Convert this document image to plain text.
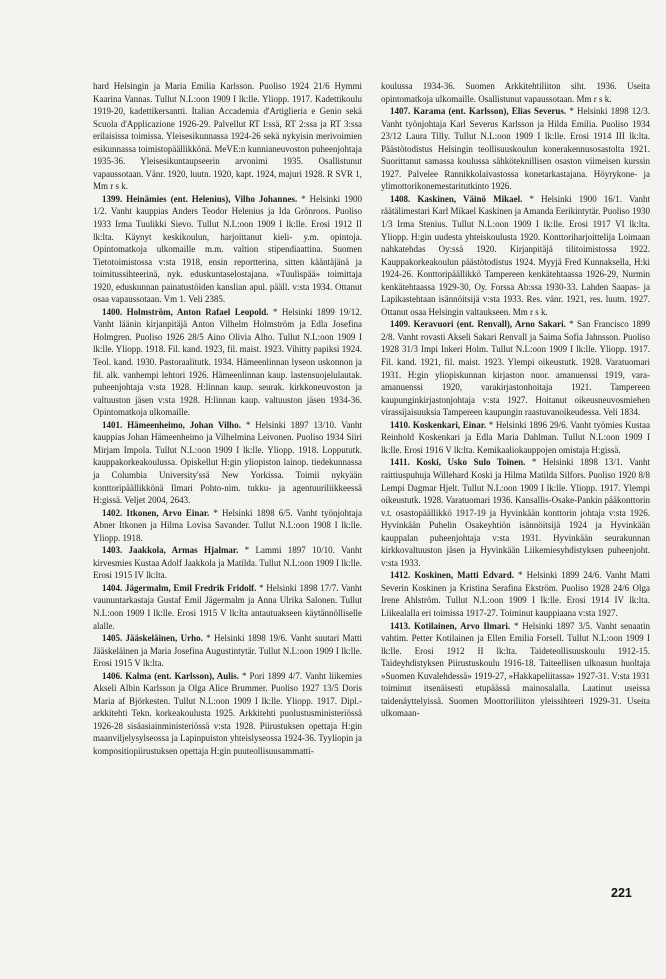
hard Helsingin ja Maria Emilia Karlsson. Puoliso 1924 21/6 Hymmi Kaarina Vannas. Tullut N.L:oon 1909 I lk:lle. Yliopp. 1917. Kadettikoulu 1919-20, kadettikersantti. Italian Accademia d'Artiglieria e Genio sekä Scuola d'Applicazione 1926-29. Palvellut RT I:ssä, RT 2:ssa ja RT 3:ssa erilaisissa toimissa. Yleisesikunnassa 1924-26 sekä nykyisin merivoimien esikunnassa toimistopäällikkönä. MeVE:n kunnianeuvoston puheenjohtaja 1935-36. Yleisesikuntaupseerin arvonimi 1935. Osallistunut vapaussotaan. Vänr. 1920, luutn. 1920, kapt. 1924, majuri 1928. R SVR 1, Mm r s k.

1399. Heinämies (ent. Helenius), Vilho Johannes. * Helsinki 1900 1/2. Vanht kauppias Anders Teodor Helenius ja Ida Grönroos. Puoliso 1933 Irma Tuulikki Sievo. Tullut N.L:oon 1909 I lk:lle. Erosi 1912 II lk:lta. Käynyt keskikoulun, harjoittanut kieli- y.m. opintoja. Opintomatkoja ulkomaille m.m. valtion stipendiaattina. Suomen Tietotoimistossa v:sta 1918, ensin reportterina, sitten kääntäjänä ja toimitussihteerinä, nyk. eduskuntaselostajana. »Tuulispää» toimittaja 1920, eduskunnan painatustöiden kanslian apul. pääll. v:sta 1934. Ottanut osaa vapaussotaan. Vm 1. Veli 2385.

1400. Holmström, Anton Rafael Leopold. * Helsinki 1899 19/12. Vanht läänin kirjanpitäjä Anton Vilhelm Holmström ja Edla Josefina Holmgren. Puoliso 1926 28/5 Aino Olivia Alho. Tullut N.L:oon 1909 I lk:lle. Yliopp. 1918. Fil. kand. 1923, fil. maist. 1923. Vihitty papiksi 1924. Teol. kand. 1930. Pastoraalitutk. 1934. Hämeenlinnan lyseon uskonnon ja fil. alk. vanhempi lehtori 1926. Hämeenlinnan kaup. lastensuojelulautak. puheenjohtaja v:sta 1928. H:linnan kaup. seurak. kirkkoneuvoston ja valtuuston jäsen v:sta 1928. H:linnan kaup. valtuuston jäsen 1934-36. Opintomatkoja ulkomaille.

1401. Hämeenheimo, Johan Vilho. * Helsinki 1897 13/10. Vanht kauppias Johan Hämeenheimo ja Vilhelmina Leivonen. Puoliso 1934 Siiri Mirjam Impola. Tullut N.L:oon 1909 I lk:lle. Yliopp. 1918. Loppututk. kauppakorkeakoulussa. Opiskellut H:gin yliopiston lainop. tiedekunnassa ja Columbia University'ssä New Yorkissa. Toimii nykyään konttoripäällikkönä Ilmari Pohto-nim. tukku- ja agentuuriliikkeessä H:gissä. Veljet 2004, 2643.

1402. Itkonen, Arvo Einar. * Helsinki 1898 6/5. Vanht työnjohtaja Abner Itkonen ja Hilma Lovisa Savander. Tullut N.L:oon 1908 I lk:lle. Yliopp. 1918.

1403. Jaakkola, Armas Hjalmar. * Lammi 1897 10/10. Vanht kirvesmies Kustaa Adolf Jaakkola ja Matilda. Tullut N.L:oon 1909 I lk:lle. Erosi 1915 IV lk:lta.

1404. Jägermalm, Emil Fredrik Fridolf. * Helsinki 1898 17/7. Vanht vaununtarkastaja Gustaf Emil Jägermalm ja Anna Ulrika Salonen. Tullut N.L:oon 1909 I lk:lle. Erosi 1915 V lk:lta antautuakseen käytännölliselle alalle.

1405. Jääskeläinen, Urho. * Helsinki 1898 19/6. Vanht suutari Matti Jääskeläinen ja Maria Josefina Augustintytär. Tullut N.L:oon 1909 I lk:lle. Erosi 1915 V lk:lta.

1406. Kalma (ent. Karlsson), Aulis. * Pori 1899 4/7. Vanht liikemies Akseli Albin Karlsson ja Olga Alice Brummer. Puoliso 1927 13/5 Doris Maria af Björkesten. Tullut N.L:oon 1909 I lk:lle. Yliopp. 1917. Dipl.-arkkitehti Tekn. korkeakoulusta 1925. Arkkitehti puolustusministeriössä 1926-28 sisäasiainministeriössä v:sta 1928. Piirustuksen opettaja H:gin maanviljelysylseossa ja Lapinpuiston yhteislyseossa 1924-36. Tyyliopin ja kompositiopiirustuksen opettaja H:gin puuteollisuusammatti-

koulussa 1934-36. Suomen Arkkitehtiliiton siht. 1936. Useita opintomatkoja ulkomaille. Osallistunut vapaussotaan. Mm r s k.

1407. Karama (ent. Karlsson), Elias Severus. * Helsinki 1898 12/3. Vanht työnjohtaja Karl Severus Karlsson ja Hilda Emilia. Puoliso 1934 23/12 Laura Tilly. Tullut N.L:oon 1909 I lk:lle. Erosi 1914 III lk:lta. Päästötodistus Helsingin teollisuuskoulun konerakennusosastolta 1921. Suorittanut samassa koulussa sähköteknillisen osaston viimeisen kurssin 1927. Palvelee Rannikkolaivastossa konetarkastajana. Höyrykone- ja ylimottorikonemestaritutkinto 1926.

1408. Kaskinen, Väinö Mikael. * Helsinki 1900 16/1. Vanht räätälimestari Karl Mikael Kaskinen ja Amanda Eerikintytär. Puoliso 1930 1/3 Irma Stenius. Tullut N.L:oon 1909 I lk:lle. Erosi 1917 VI lk:lta. Yliopp. H:gin uudesta yhteiskoulusta 1920. Konttoriharjoittelija Loimaan nahkatehdas Oy:ssä 1920. Kirjanpitäjä tilitoimistossa 1922. Kauppakorkeakoulun päästötodistus 1924. Myyjä Fred Kunnaksella, H:ki 1924-26. Konttoripäällikkö Tampereen kenkätehtaassa 1926-29, Nurmin kenkätehtaassa 1929-30, Oy. Forssa Ab:ssa 1930-33. Lahden Saapas- ja Lapikastehtaan isännöitsijä v:sta 1933. Res. vänr. 1921, res. luutn. 1927. Ottanut osaa Helsingin valtaukseen. Mm r s k.

1409. Keravuori (ent. Renvall), Arno Sakari. * San Francisco 1899 2/8. Vanht rovasti Akseli Sakari Renvall ja Saima Sofia Jahnsson. Puoliso 1928 31/3 Impi Inkeri Holm. Tullut N.L:oon 1909 I lk:lle. Yliopp. 1917. Fil. kand. 1921, fil. maist. 1923. Ylempi oikeustutk. 1928. Varatuomari 1931. H:gin yliopiskunnan kirjaston nuor. amanuenssi 1919, vara-amanuenssi 1920, varakirjastonhoitaja 1921. Tampereen kaupunginkirjastonjohtaja v:sta 1927. Hoitanut oikeusneuvosmiehen virassijaisuuksia Tampereen kaupungin raastuvanoikeudessa. Veli 1834.

1410. Koskenkari, Einar. * Helsinki 1896 29/6. Vanht työmies Kustaa Reinhold Koskenkari ja Edla Maria Dahlman. Tullut N.L:oon 1909 I lk:lle. Erosi 1916 V lk:lta. Kemikaaliokauppojen omistaja H:gissä.

1411. Koski, Usko Sulo Toinen. * Helsinki 1898 13/1. Vanht raittiuspuhuja Willehard Koski ja Hilma Matilda Silfors. Puoliso 1920 8/8 Lempi Dagmar Hjelt. Tullut N.L:oon 1909 I lk:lle. Yliopp. 1917. Ylempi oikeustutk. 1928. Varatuomari 1936. Kansallis-Osake-Pankin pääkonttorin v.t. osastopäällikkö 1917-19 ja Hyvinkään konttorin johtaja v:sta 1926. Hyvinkään Puhelin Osakeyhtiön isännöitsijä 1924 ja Hyvinkään kauppalan puheenjohtaja v:sta 1931. Hyvinkään seurakunnan kirkkovaltuuston jäsen ja Hyvinkään Liikemiesyhdistyksen puheenjoht. v:sta 1933.

1412. Koskinen, Matti Edvard. * Helsinki 1899 24/6. Vanht Matti Severin Koskinen ja Kristina Serafina Ekström. Puoliso 1928 24/6 Olga Irene Ahlström. Tullut N.L:oon 1909 I lk:lle. Erosi 1914 IV lk:lta. Liikealalla eri toimissa 1917-27. Toiminut kauppiaana v:sta 1927.

1413. Kotilainen, Arvo Ilmari. * Helsinki 1897 3/5. Vanht senaatin vahtim. Petter Kotilainen ja Ellen Emilia Forsell. Tullut N.L:oon 1909 I lk:lle. Erosi 1912 II lk:lta. Taideteollisuuskoulu 1912-15. Taideyhdistyksen Piirustuskoulu 1916-18. Taiteellisen ulkoasun huoltaja »Suomen Kuvalehdessä» 1919-27, »Hakkapeliitassa» 1927-31. V:sta 1931 toiminut itsenäisesti etupäässä mainosalalla. Laatinut useissa taidenäyttelyissä. Suomen Moottoriliiton yleissihteeri 1929-31. Useita ulkomaan-

221
